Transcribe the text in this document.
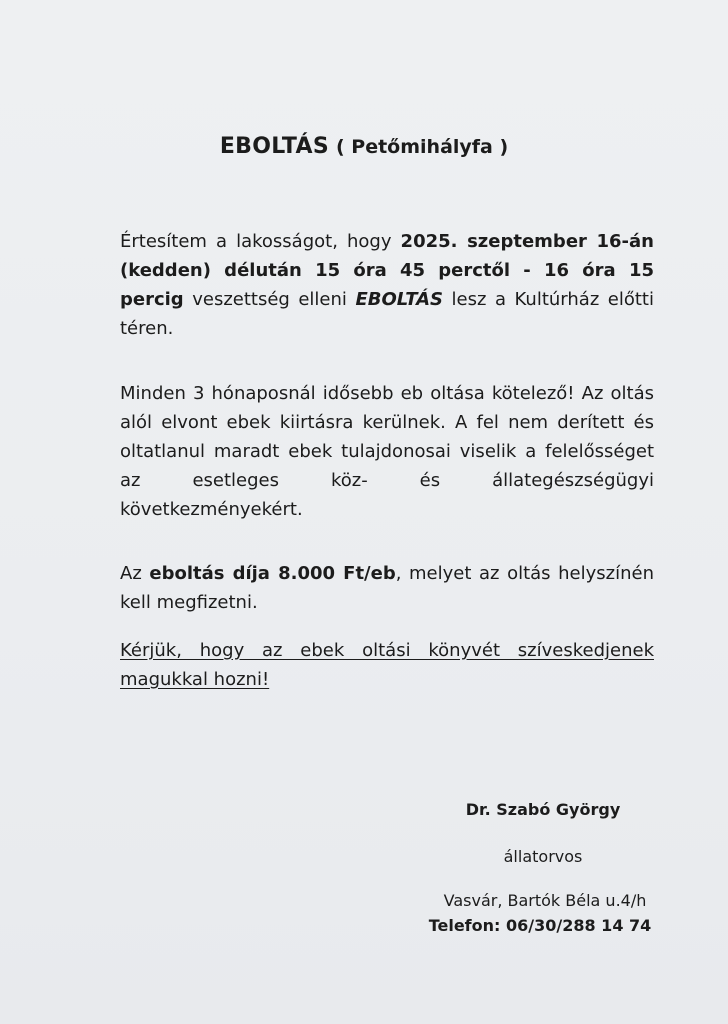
EBOLTÁS ( Petőmihályfa )

Értesítem a lakosságot, hogy 2025. szeptember 16-án (kedden) délután 15 óra 45 perctől - 16 óra 15 percig veszettség elleni EBOLTÁS lesz a Kultúrház előtti téren.

Minden 3 hónaposnál idősebb eb oltása kötelező! Az oltás alól elvont ebek kiirtásra kerülnek. A fel nem derített és oltatlanul maradt ebek tulajdonosai viselik a felelősséget az esetleges köz- és állategészségügyi következményekért.

Az eboltás díja 8.000 Ft/eb, melyet az oltás helyszínén kell megfizetni.

Kérjük, hogy az ebek oltási könyvét szíveskedjenek magukkal hozni!

Dr. Szabó György
állatorvos
Vasvár, Bartók Béla u.4/h
Telefon: 06/30/288 14 74
